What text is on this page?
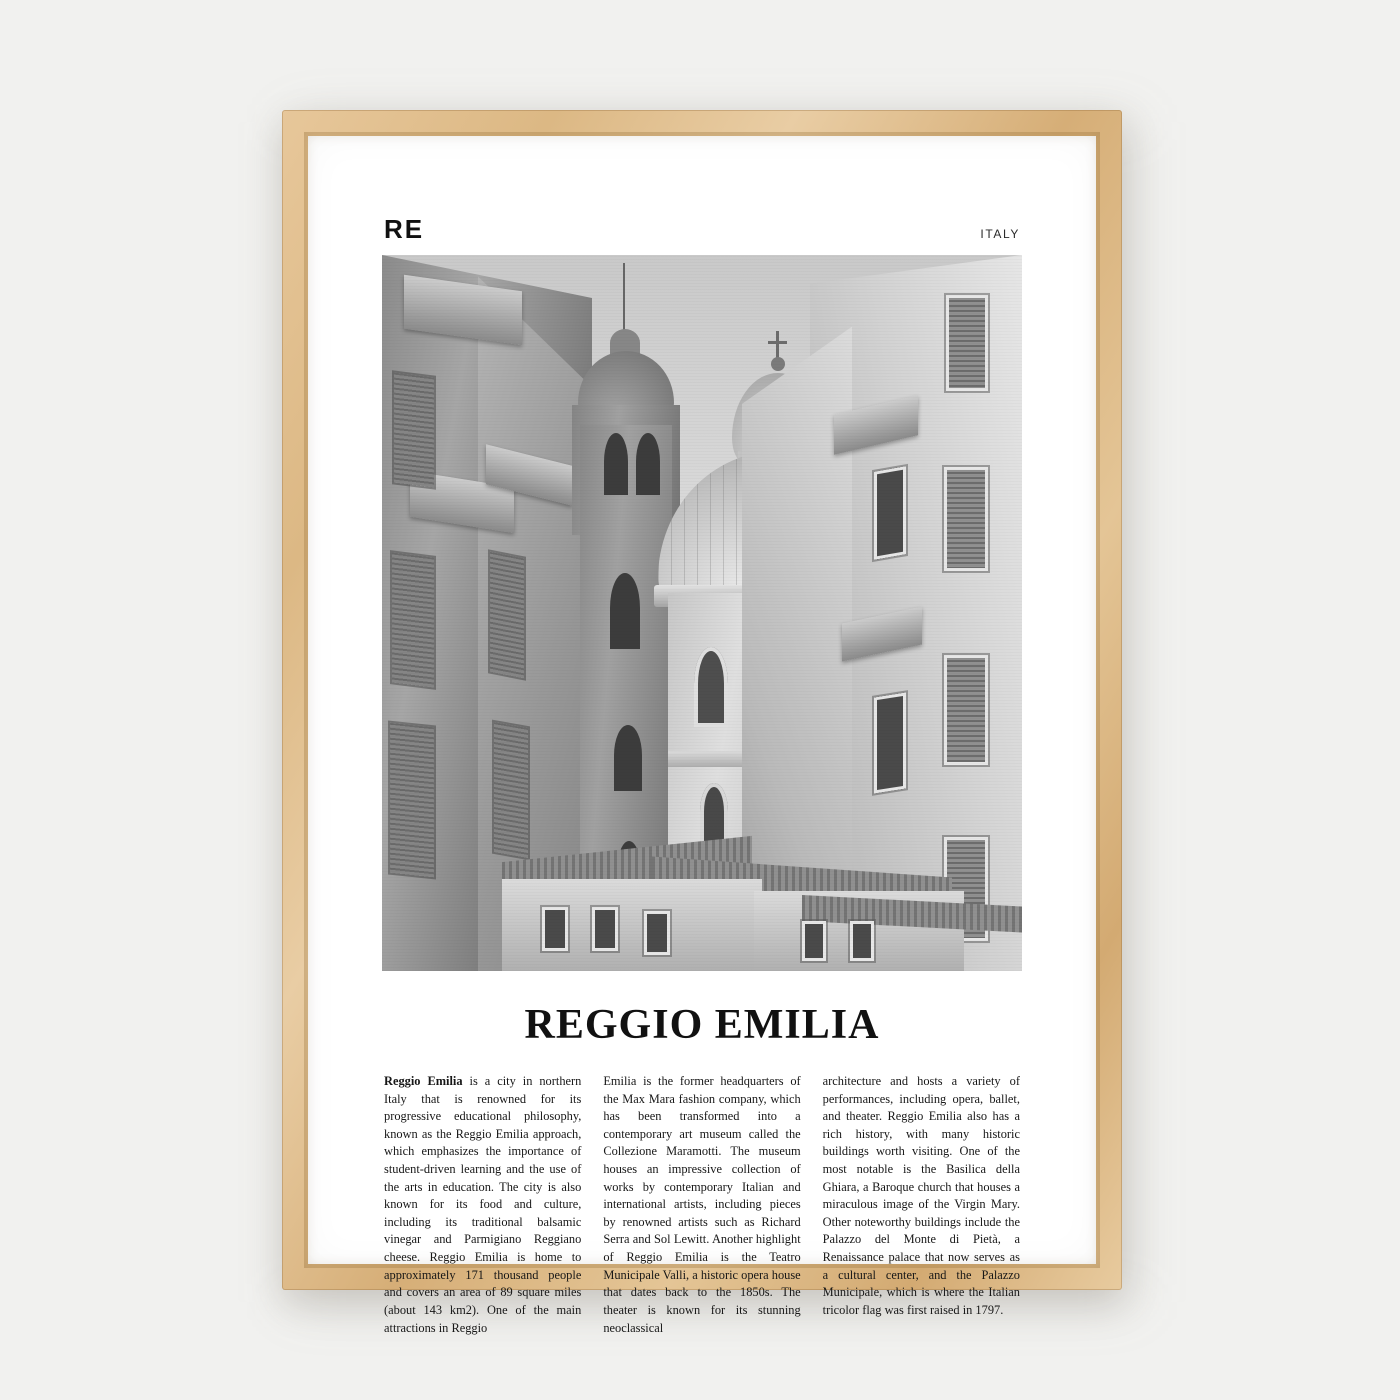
RE	ITALY
REGGIO EMILIA
Reggio Emilia is a city in northern Italy that is renowned for its progressive educational philosophy, known as the Reggio Emilia approach, which emphasizes the importance of student-driven learning and the use of the arts in education. The city is also known for its food and culture, including its traditional balsamic vinegar and Parmigiano Reggiano cheese. Reggio Emilia is home to approximately 171 thousand people and covers an area of 89 square miles (about 143 km2). One of the main attractions in Reggio
Emilia is the former headquarters of the Max Mara fashion company, which has been transformed into a contemporary art museum called the Collezione Maramotti. The museum houses an impressive collection of works by contemporary Italian and international artists, including pieces by renowned artists such as Richard Serra and Sol Lewitt. Another highlight of Reggio Emilia is the Teatro Municipale Valli, a historic opera house that dates back to the 1850s. The theater is known for its stunning neoclassical
architecture and hosts a variety of performances, including opera, ballet, and theater. Reggio Emilia also has a rich history, with many historic buildings worth visiting. One of the most notable is the Basilica della Ghiara, a Baroque church that houses a miraculous image of the Virgin Mary. Other noteworthy buildings include the Palazzo del Monte di Pietà, a Renaissance palace that now serves as a cultural center, and the Palazzo Municipale, which is where the Italian tricolor flag was first raised in 1797.
